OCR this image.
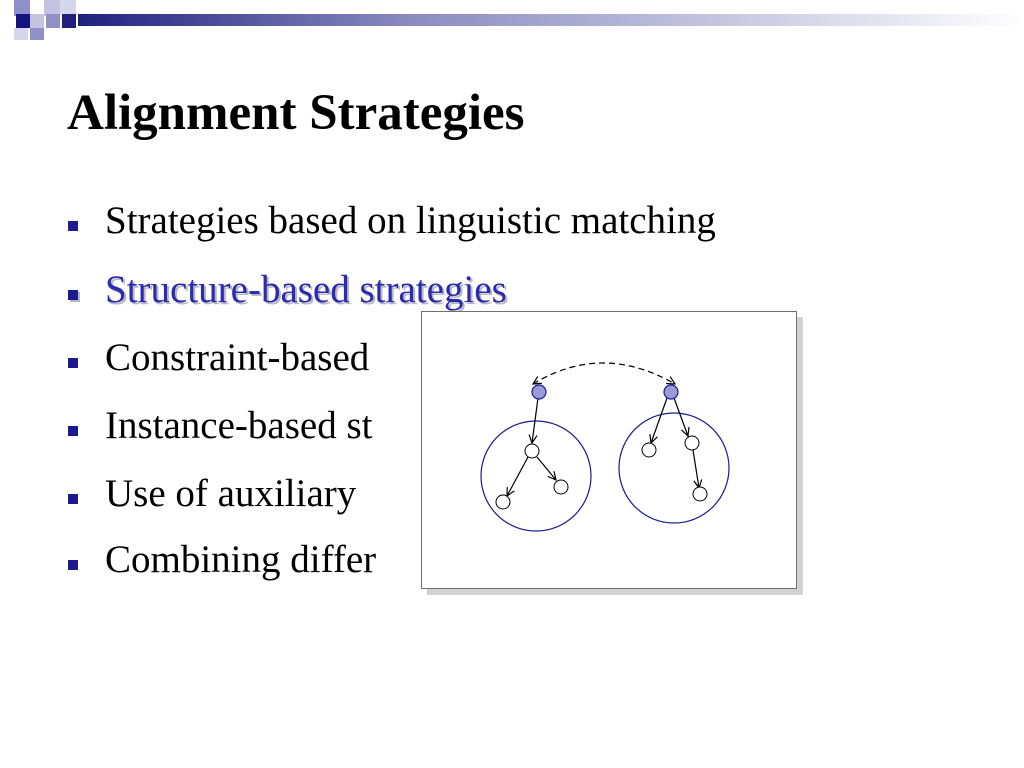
Alignment Strategies
Strategies based on linguistic matching
Structure-based strategies
Constraint-based
Instance-based st
Use of auxiliary
Combining differ
